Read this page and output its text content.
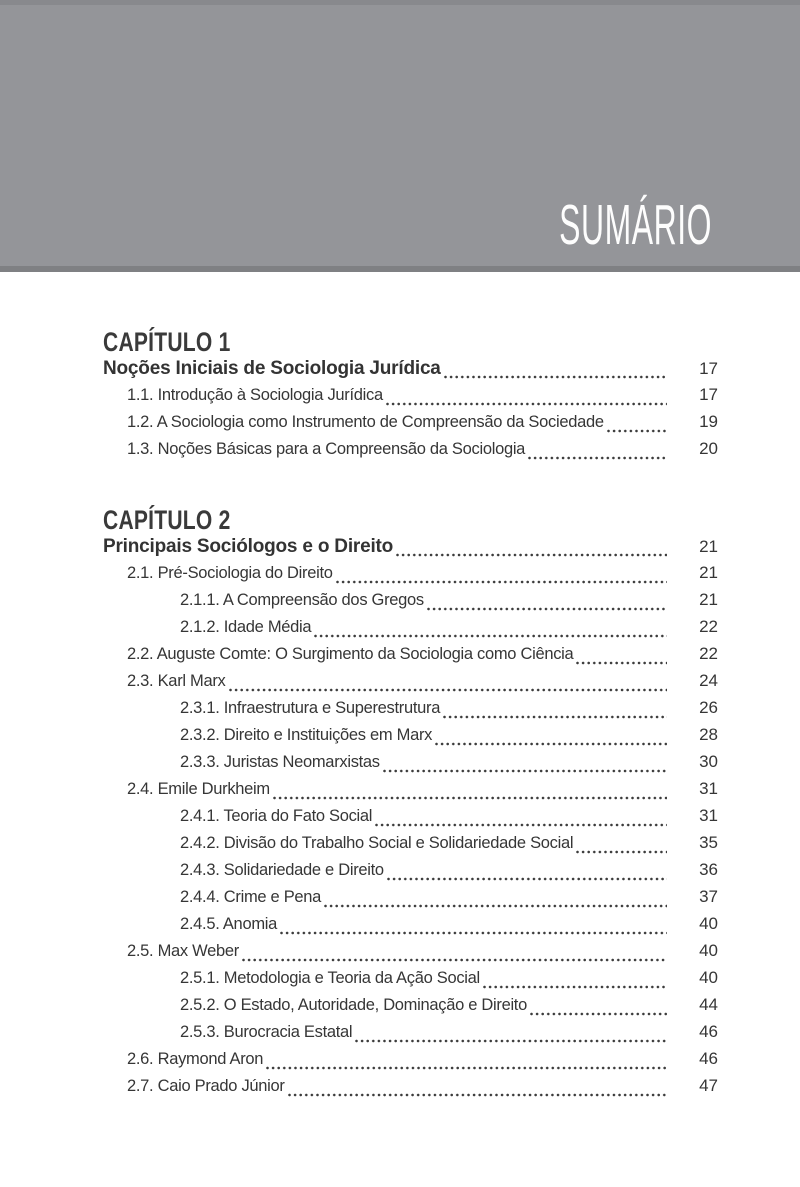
SUMÁRIO
CAPÍTULO 1
Noções Iniciais de Sociologia Jurídica	17
1.1. Introdução à Sociologia Jurídica	17
1.2. A Sociologia como Instrumento de Compreensão da Sociedade	19
1.3. Noções Básicas para a Compreensão da Sociologia	20
CAPÍTULO 2
Principais Sociólogos e o Direito	21
2.1. Pré-Sociologia do Direito	21
2.1.1. A Compreensão dos Gregos	21
2.1.2. Idade Média	22
2.2. Auguste Comte: O Surgimento da Sociologia como Ciência	22
2.3. Karl Marx	24
2.3.1. Infraestrutura e Superestrutura	26
2.3.2. Direito e Instituições em Marx	28
2.3.3. Juristas Neomarxistas	30
2.4. Emile Durkheim	31
2.4.1. Teoria do Fato Social	31
2.4.2. Divisão do Trabalho Social e Solidariedade Social	35
2.4.3. Solidariedade e Direito	36
2.4.4. Crime e Pena	37
2.4.5. Anomia	40
2.5. Max Weber	40
2.5.1. Metodologia e Teoria da Ação Social	40
2.5.2. O Estado, Autoridade, Dominação e Direito	44
2.5.3. Burocracia Estatal	46
2.6. Raymond Aron	46
2.7. Caio Prado Júnior	47
